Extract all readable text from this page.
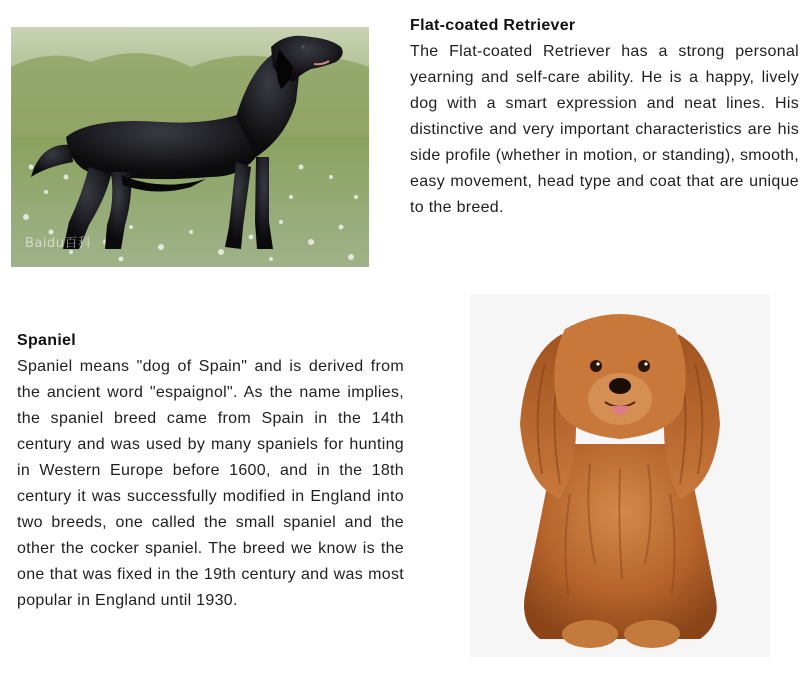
Baidu百科
Flat-coated Retriever

The Flat-coated Retriever has a strong personal yearning and self-care ability. He is a happy, lively dog with a smart expression and neat lines. His distinctive and very important characteristics are his side profile (whether in motion, or standing), smooth, easy movement, head type and coat that are unique to the breed.

Spaniel

Spaniel means "dog of Spain" and is derived from the ancient word "espaignol". As the name implies, the spaniel breed came from Spain in the 14th century and was used by many spaniels for hunting in Western Europe before 1600, and in the 18th century it was successfully modified in England into two breeds, one called the small spaniel and the other the cocker spaniel. The breed we know is the one that was fixed in the 19th century and was most popular in England until 1930.
